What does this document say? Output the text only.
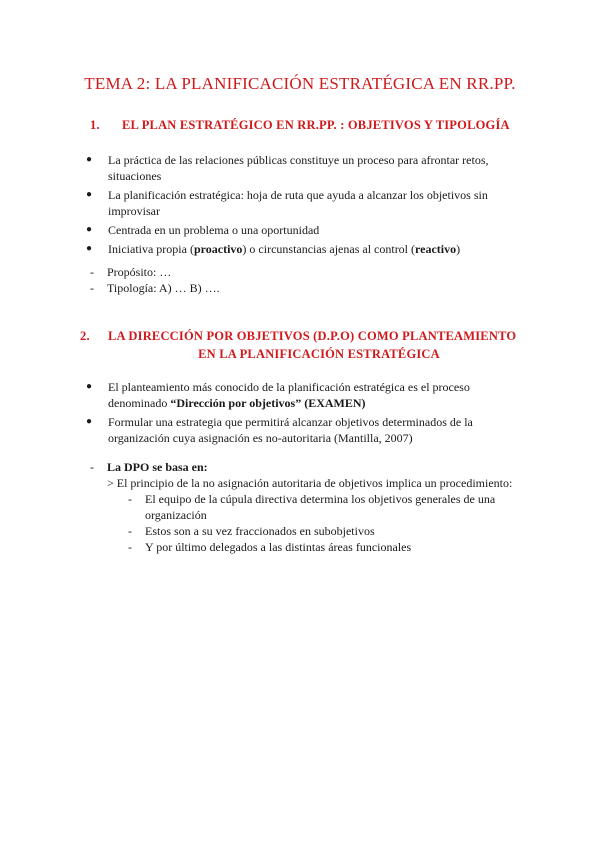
TEMA 2: LA PLANIFICACIÓN ESTRATÉGICA EN RR.PP.
1. EL PLAN ESTRATÉGICO EN RR.PP. : OBJETIVOS Y TIPOLOGÍA
● La práctica de las relaciones públicas constituye un proceso para afrontar retos, situaciones
● La planificación estratégica: hoja de ruta que ayuda a alcanzar los objetivos sin improvisar
● Centrada en un problema o una oportunidad
● Iniciativa propia (proactivo) o circunstancias ajenas al control (reactivo)
- Propósito: …
- Tipología: A) … B) ….
2.	LA DIRECCIÓN POR OBJETIVOS (D.P.O) COMO PLANTEAMIENTO
EN LA PLANIFICACIÓN ESTRATÉGICA
● El planteamiento más conocido de la planificación estratégica es el proceso denominado “Dirección por objetivos” (EXAMEN)
● Formular una estrategia que permitirá alcanzar objetivos determinados de la organización cuya asignación es no-autoritaria (Mantilla, 2007)
- La DPO se basa en:
> El principio de la no asignación autoritaria de objetivos implica un procedimiento:
- El equipo de la cúpula directiva determina los objetivos generales de una organización
- Estos son a su vez fraccionados en subobjetivos
- Y por último delegados a las distintas áreas funcionales
